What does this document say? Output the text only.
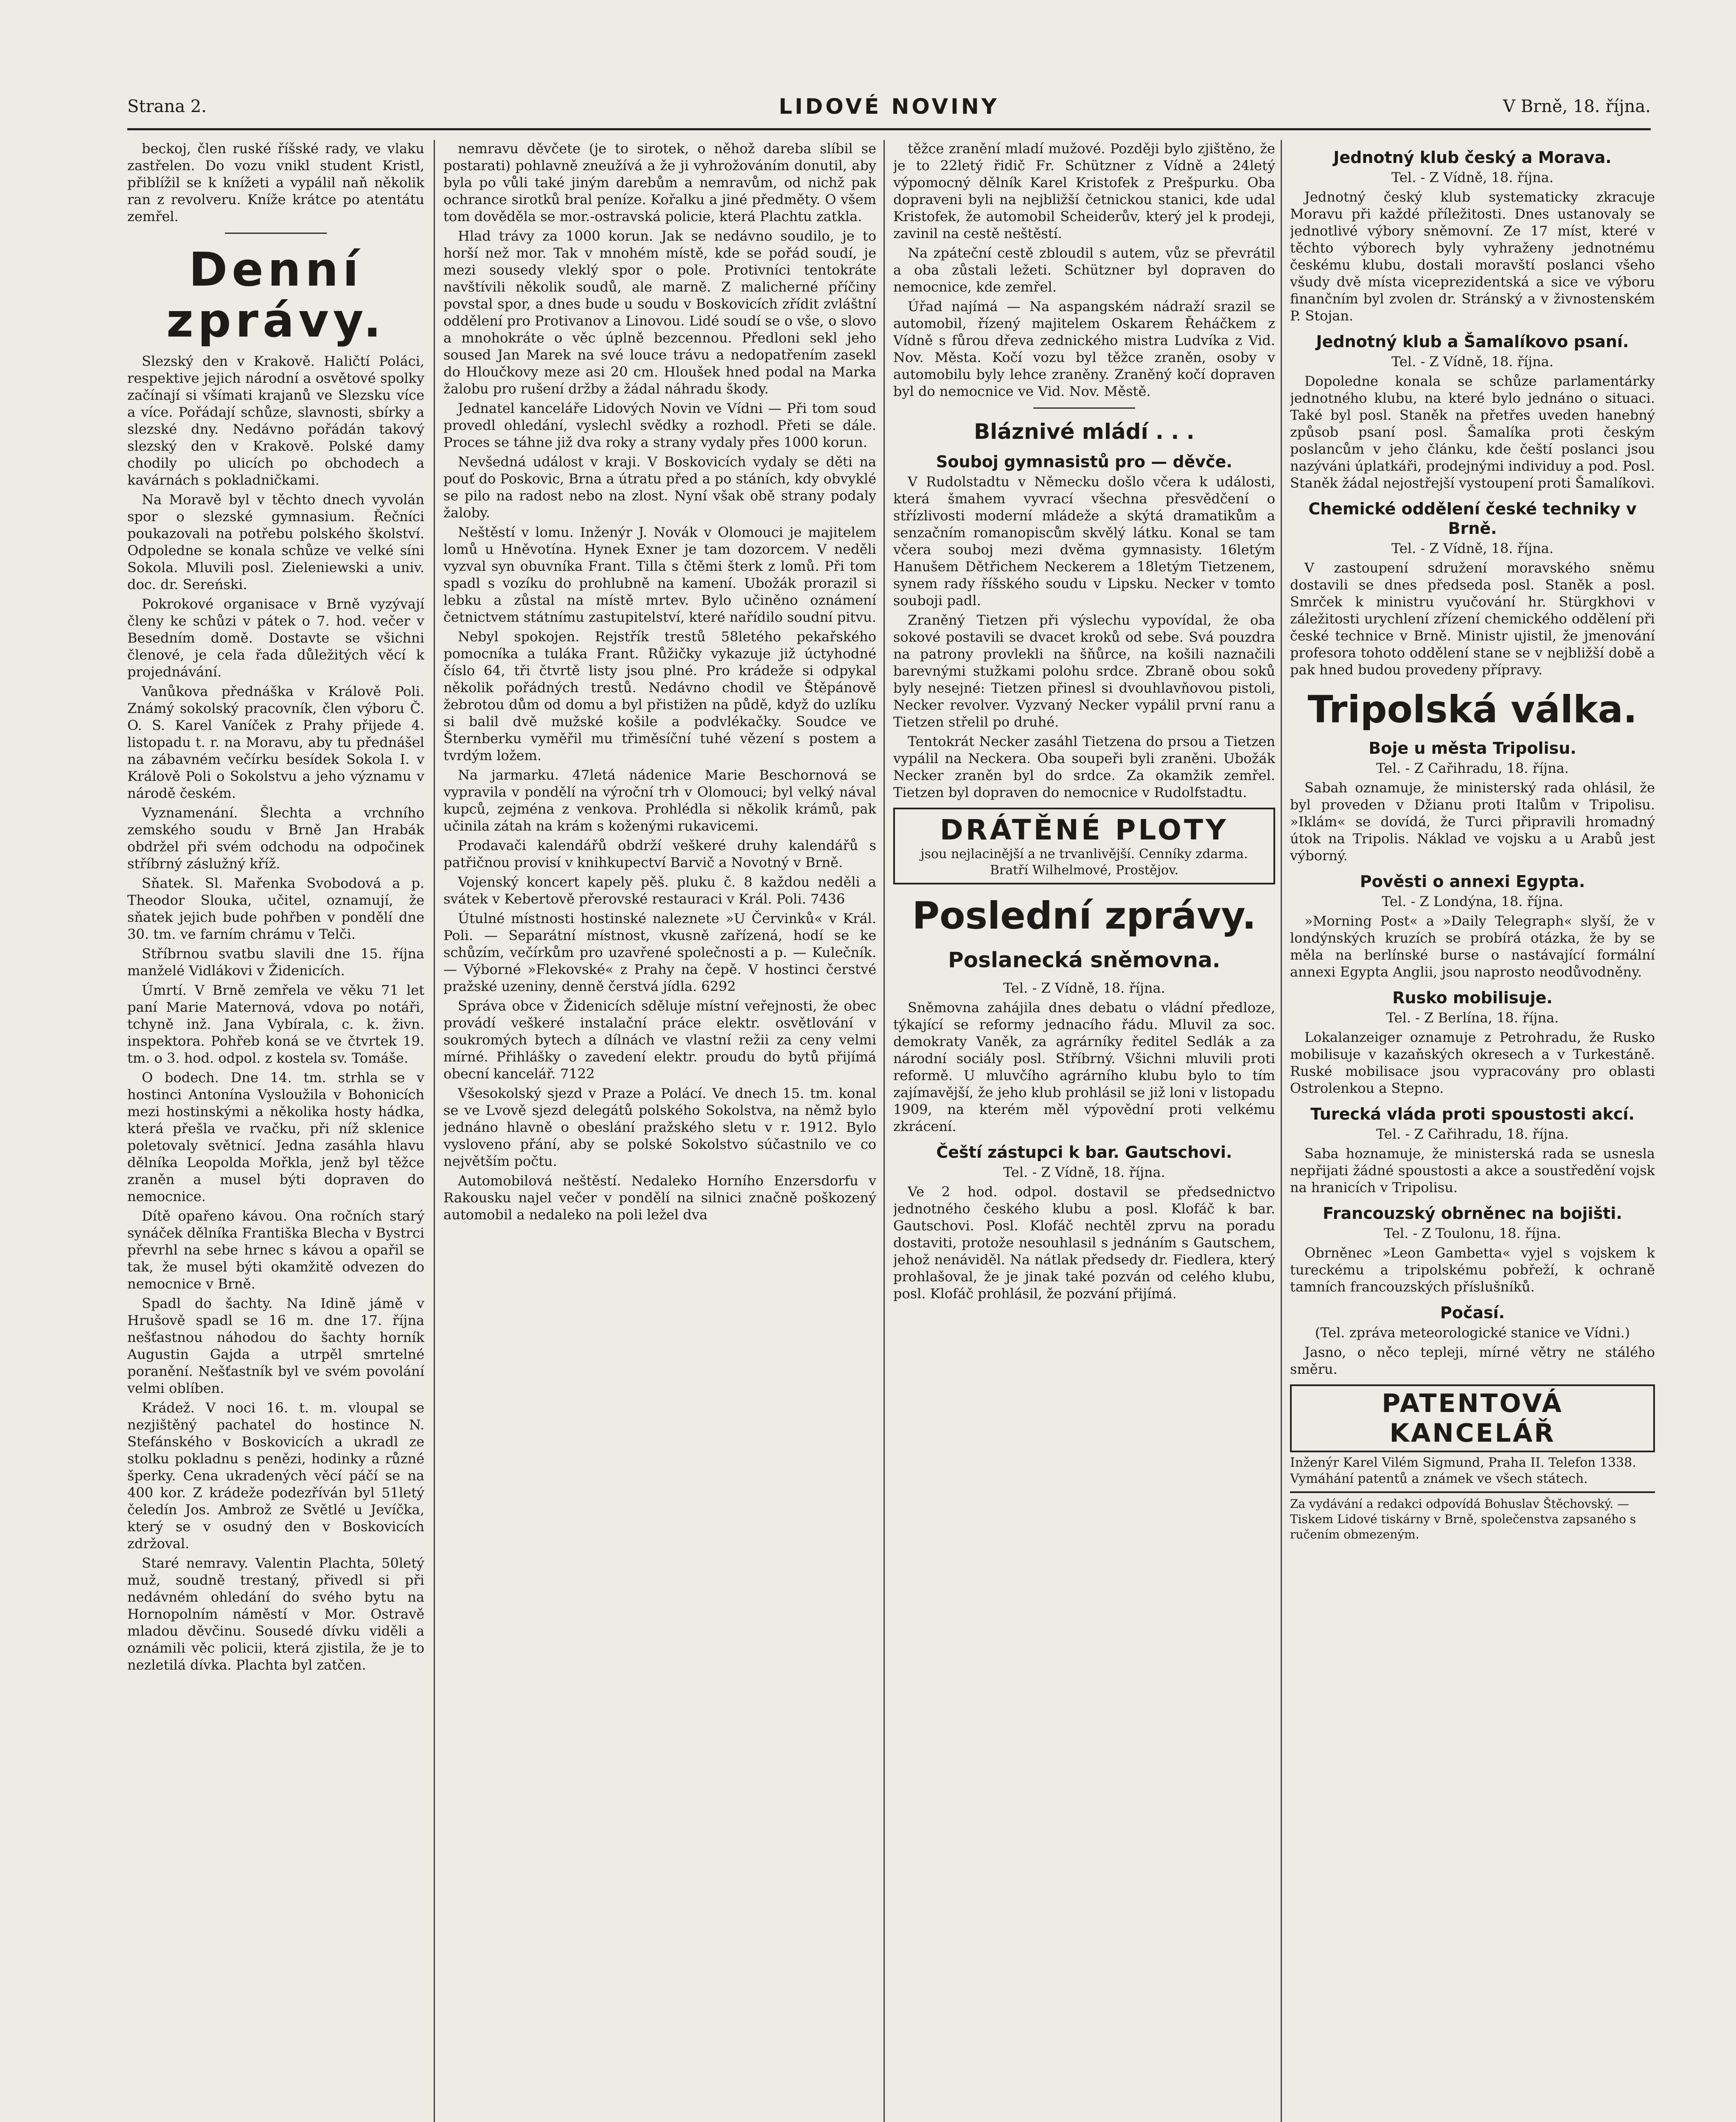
Strana 2.	LIDOVÉ NOVINY	V Brně, 18. října.

beckoj, člen ruské říšské rady, ve vlaku zastřelen. Do vozu vnikl student Kristl, přiblížil se k knížeti a vypálil naň několik ran z revolveru. Kníže krátce po atentátu zemřel.

Denní zprávy.

Slezský den v Krakově. Haličtí Poláci, respektive jejich národní a osvětové spolky začínají si všímati krajanů ve Slezsku více a více. Pořádají schůze, slavnosti, sbírky a slezské dny. Nedávno pořádán takový slezský den v Krakově. Polské damy chodily po ulicích po obchodech a kavárnách s pokladničkami.

Na Moravě byl v těchto dnech vyvolán spor o slezské gymnasium. Řečníci poukazovali na potřebu polského školství. Odpoledne se konala schůze ve velké síni Sokola. Mluvili posl. Zieleniewski a univ. doc. dr. Sereński.

Pokrokové organisace v Brně vyzývají členy ke schůzi v pátek o 7. hod. večer v Besedním domě. Dostavte se všichni členové, je cela řada důležitých věcí k projednávání.

Vanůkova přednáška v Králově Poli. Známý sokolský pracovník, člen výboru Č. O. S. Karel Vaníček z Prahy přijede 4. listopadu t. r. na Moravu, aby tu přednášel na zábavném večírku besídek Sokola I. v Králově Poli o Sokolstvu a jeho významu v národě českém.

Vyznamenání. Šlechta a vrchního zemského soudu v Brně Jan Hrabák obdržel při svém odchodu na odpočinek stříbrný záslužný kříž.

Sňatek. Sl. Mařenka Svobodová a p. Theodor Slouka, učitel, oznamují, že sňatek jejich bude pohřben v pondělí dne 30. tm. ve farním chrámu v Telči.

Stříbrnou svatbu slavili dne 15. října manželé Vidlákovi v Židenicích.

Úmrtí. V Brně zemřela ve věku 71 let paní Marie Maternová, vdova po notáři, tchyně inž. Jana Vybírala, c. k. živn. inspektora. Pohřeb koná se ve čtvrtek 19. tm. o 3. hod. odpol. z kostela sv. Tomáše.

O bodech. Dne 14. tm. strhla se v hostinci Antonína Vysloužila v Bohonicích mezi hostinskými a několika hosty hádka, která přešla ve rvačku, při níž sklenice poletovaly světnicí. Jedna zasáhla hlavu dělníka Leopolda Mořkla, jenž byl těžce zraněn a musel býti dopraven do nemocnice.

Dítě opařeno kávou. Ona ročních starý synáček dělníka Františka Blecha v Bystrci převrhl na sebe hrnec s kávou a opařil se tak, že musel býti okamžitě odvezen do nemocnice v Brně.

Spadl do šachty. Na Idině jámě v Hrušově spadl se 16 m. dne 17. října nešťastnou náhodou do šachty horník Augustin Gajda a utrpěl smrtelné poranění. Nešťastník byl ve svém povolání velmi oblíben.

Krádež. V noci 16. t. m. vloupal se nezjištěný pachatel do hostince N. Stefánského v Boskovicích a ukradl ze stolku pokladnu s penězi, hodinky a různé šperky. Cena ukradených věcí páčí se na 400 kor. Z krádeže podezříván byl 51letý čeledín Jos. Ambrož ze Světlé u Jevíčka, který se v osudný den v Boskovicích zdržoval.

Staré nemravy. Valentin Plachta, 50letý muž, soudně trestaný, přivedl si při nedávném ohledání do svého bytu na Hornopolním náměstí v Mor. Ostravě mladou děvčinu. Sousedé dívku viděli a oznámili věc policii, která zjistila, že je to nezletilá dívka. Plachta byl zatčen.

nemravu děvčete (je to sirotek, o něhož dareba slíbil se postarati) pohlavně zneužívá a že ji vyhrožováním donutil, aby byla po vůli také jiným darebům a nemravům, od nichž pak ochrance sirotků bral peníze. Kořalku a jiné předměty. O všem tom dověděla se mor.-ostravská policie, která Plachtu zatkla.

Hlad trávy za 1000 korun. Jak se nedávno soudilo, je to horší než mor. Tak v mnohém místě, kde se pořád soudí, je mezi sousedy vleklý spor o pole. Protivníci tentokráte navštívili několik soudů, ale marně. Z malicherné příčiny povstal spor, a dnes bude u soudu v Boskovicích zřídit zvláštní oddělení pro Protivanov a Linovou. Lidé soudí se o vše, o slovo a mnohokráte o věc úplně bezcennou. Předloni sekl jeho soused Jan Marek na své louce trávu a nedopatřením zasekl do Hloučkovy meze asi 20 cm. Hloušek hned podal na Marka žalobu pro rušení držby a žádal náhradu škody.

Jednatel kanceláře Lidových Novin ve Vídni — Při tom soud provedl ohledání, vyslechl svědky a rozhodl. Přeti se dále. Proces se táhne již dva roky a strany vydaly přes 1000 korun.

Nevšedná událost v kraji. V Boskovicích vydaly se děti na pouť do Poskovic, Brna a útratu před a po stáních, kdy obvyklé se pilo na radost nebo na zlost. Nyní však obě strany podaly žaloby.

Neštěstí v lomu. Inženýr J. Novák v Olomouci je majitelem lomů u Hněvotína. Hynek Exner je tam dozorcem. V neděli vyzval syn obuvníka Frant. Tilla s čtěmi šterk z lomů. Při tom spadl s vozíku do prohlubně na kamení. Ubožák prorazil si lebku a zůstal na místě mrtev. Bylo učiněno oznámení četnictvem státnímu zastupitelství, které nařídilo soudní pitvu.

Nebyl spokojen. Rejstřík trestů 58letého pekařského pomocníka a tuláka Frant. Růžičky vykazuje již úctyhodné číslo 64, tři čtvrtě listy jsou plné. Pro krádeže si odpykal několik pořádných trestů. Nedávno chodil ve Štěpánově žebrotou dům od domu a byl přistižen na půdě, když do uzlíku si balil dvě mužské košile a podvlékačky. Soudce ve Šternberku vyměřil mu třiměsíční tuhé vězení s postem a tvrdým ložem.

Na jarmarku. 47letá nádenice Marie Beschornová se vypravila v pondělí na výroční trh v Olomouci; byl velký nával kupců, zejména z venkova. Prohlédla si několik krámů, pak učinila zátah na krám s koženými rukavicemi.

Prodavači kalendářů obdrží veškeré druhy kalendářů s patřičnou provisí v knihkupectví Barvič a Novotný v Brně.

Vojenský koncert kapely pěš. pluku č. 8 každou neděli a svátek v Kebertově přerovské restauraci v Král. Poli. 7436

Útulné místnosti hostinské naleznete »U Červinků« v Král. Poli. — Separátní místnost, vkusně zařízená, hodí se ke schůzím, večírkům pro uzavřené společnosti a p. — Kulečník. — Výborné »Flekovské« z Prahy na čepě. V hostinci čerstvé pražské uzeniny, denně čerstvá jídla. 6292

Správa obce v Židenicích sděluje místní veřejnosti, že obec provádí veškeré instalační práce elektr. osvětlování v soukromých bytech a dílnách ve vlastní režii za ceny velmi mírné. Přihlášky o zavedení elektr. proudu do bytů přijímá obecní kancelář. 7122

Všesokolský sjezd v Praze a Polácí. Ve dnech 15. tm. konal se ve Lvově sjezd delegátů polského Sokolstva, na němž bylo jednáno hlavně o obeslání pražského sletu v r. 1912. Bylo vysloveno přání, aby se polské Sokolstvo súčastnilo ve co největším počtu.

Automobilová neštěstí. Nedaleko Horního Enzersdorfu v Rakousku najel večer v pondělí na silnici značně poškozený automobil a nedaleko na poli ležel dva

těžce zranění mladí mužové. Později bylo zjištěno, že je to 22letý řidič Fr. Schützner z Vídně a 24letý výpomocný dělník Karel Kristofek z Prešpurku. Oba dopraveni byli na nejbližší četnickou stanici, kde udal Kristofek, že automobil Scheiderův, který jel k prodeji, zavinil na cestě neštěstí.

Na zpáteční cestě zbloudil s autem, vůz se převrátil a oba zůstali ležeti. Schützner byl dopraven do nemocnice, kde zemřel.

Úřad najímá — Na aspangském nádraží srazil se automobil, řízený majitelem Oskarem Řeháčkem z Vídně s fůrou dřeva zednického mistra Ludvíka z Vid. Nov. Města. Kočí vozu byl těžce zraněn, osoby v automobilu byly lehce zraněny. Zraněný kočí dopraven byl do nemocnice ve Vid. Nov. Městě.

Bláznivé mládí . . .
Souboj gymnasistů pro — děvče.

V Rudolstadtu v Německu došlo včera k události, která šmahem vyvrací všechna přesvědčení o střízlivosti moderní mládeže a skýtá dramatikům a senzačním romanopiscům skvělý látku. Konal se tam včera souboj mezi dvěma gymnasisty. 16letým Hanušem Dětřichem Neckerem a 18letým Tietzenem, synem rady říšského soudu v Lipsku. Necker v tomto souboji padl.

Zraněný Tietzen při výslechu vypovídal, že oba sokové postavili se dvacet kroků od sebe. Svá pouzdra na patrony provlekli na šňůrce, na košili naznačili barevnými stužkami polohu srdce. Zbraně obou soků byly nesejné: Tietzen přinesl si dvouhlavňovou pistoli, Necker revolver. Vyzvaný Necker vypálil první ranu a Tietzen střelil po druhé.

Tentokrát Necker zasáhl Tietzena do prsou a Tietzen vypálil na Neckera. Oba soupeři byli zraněni. Ubožák Necker zraněn byl do srdce. Za okamžik zemřel. Tietzen byl dopraven do nemocnice v Rudolfstadtu.

DRÁTĚNÉ PLOTY
jsou nejlacinější a ne trvanlivější. Cenníky zdarma. Bratří Wilhelmové, Prostějov.
Poslední zprávy.
Poslanecká sněmovna.
Tel. - Z Vídně, 18. října.

Sněmovna zahájila dnes debatu o vládní předloze, týkající se reformy jednacího řádu. Mluvil za soc. demokraty Vaněk, za agrárníky ředitel Sedlák a za národní sociály posl. Stříbrný. Všichni mluvili proti reformě. U mluvčího agrárního klubu bylo to tím zajímavější, že jeho klub prohlásil se již loni v listopadu 1909, na kterém měl výpovědní proti velkému zkrácení.

Čeští zástupci k bar. Gautschovi.
Tel. - Z Vídně, 18. října.

Ve 2 hod. odpol. dostavil se předsednictvo jednotného českého klubu a posl. Klofáč k bar. Gautschovi. Posl. Klofáč nechtěl zprvu na poradu dostaviti, protože nesouhlasil s jednáním s Gautschem, jehož nenáviděl. Na nátlak předsedy dr. Fiedlera, který prohlašoval, že je jinak také pozván od celého klubu, posl. Klofáč prohlásil, že pozvání přijímá.

Jednotný klub český a Morava.
Tel. - Z Vídně, 18. října.

Jednotný český klub systematicky zkracuje Moravu při každé příležitosti. Dnes ustanovaly se jednotlivé výbory sněmovní. Ze 17 míst, které v těchto výborech byly vyhraženy jednotnému českému klubu, dostali moravští poslanci všeho všudy dvě místa viceprezidentská a sice ve výboru finančním byl zvolen dr. Stránský a v živnostenském P. Stojan.

Jednotný klub a Šamalíkovo psaní.
Tel. - Z Vídně, 18. října.

Dopoledne konala se schůze parlamentárky jednotného klubu, na které bylo jednáno o situaci. Také byl posl. Staněk na přetřes uveden hanebný způsob psaní posl. Šamalíka proti českým poslancům v jeho článku, kde čeští poslanci jsou nazýváni úplatkáři, prodejnými individuy a pod. Posl. Staněk žádal nejostřejší vystoupení proti Šamalíkovi.

Chemické oddělení české techniky v Brně.
Tel. - Z Vídně, 18. října.

V zastoupení sdružení moravského sněmu dostavili se dnes předseda posl. Staněk a posl. Smrček k ministru vyučování hr. Stürgkhovi v záležitosti urychlení zřízení chemického oddělení při české technice v Brně. Ministr ujistil, že jmenování profesora tohoto oddělení stane se v nejbližší době a pak hned budou provedeny přípravy.

Tripolská válka.
Boje u města Tripolisu.
Tel. - Z Cařihradu, 18. října.

Sabah oznamuje, že ministerský rada ohlásil, že byl proveden v Džianu proti Italům v Tripolisu. »Iklám« se dovídá, že Turci připravili hromadný útok na Tripolis. Náklad ve vojsku a u Arabů jest výborný.

Pověsti o annexi Egypta.
Tel. - Z Londýna, 18. října.

»Morning Post« a »Daily Telegraph« slyší, že v londýnských kruzích se probírá otázka, že by se měla na berlínské burse o nastávající formální annexi Egypta Anglii, jsou naprosto neodůvodněny.

Rusko mobilisuje.
Tel. - Z Berlína, 18. října.

Lokalanzeiger oznamuje z Petrohradu, že Rusko mobilisuje v kazaňských okresech a v Turkestáně. Ruské mobilisace jsou vypracovány pro oblasti Ostrolenkou a Stepno.

Turecká vláda proti spoustosti akcí.
Tel. - Z Cařihradu, 18. října.

Saba hoznamuje, že ministerská rada se usnesla nepřijati žádné spoustosti a akce a soustředění vojsk na hranicích v Tripolisu.

Francouzský obrněnec na bojišti.
Tel. - Z Toulonu, 18. října.

Obrněnec »Leon Gambetta« vyjel s vojskem k tureckému a tripolskému pobřeží, k ochraně tamních francouzských příslušníků.

Počasí.
(Tel. zpráva meteorologické stanice ve Vídni.)

Jasno, o něco tepleji, mírné větry ne stálého směru.

PATENTOVÁ KANCELÁŘ
Inženýr Karel Vilém Sigmund, Praha II. Telefon 1338. Vymáhání patentů a známek ve všech státech.
Za vydávání a redakci odpovídá Bohuslav Štěchovský. — Tiskem Lidové tiskárny v Brně, společenstva zapsaného s ručením obmezeným.
